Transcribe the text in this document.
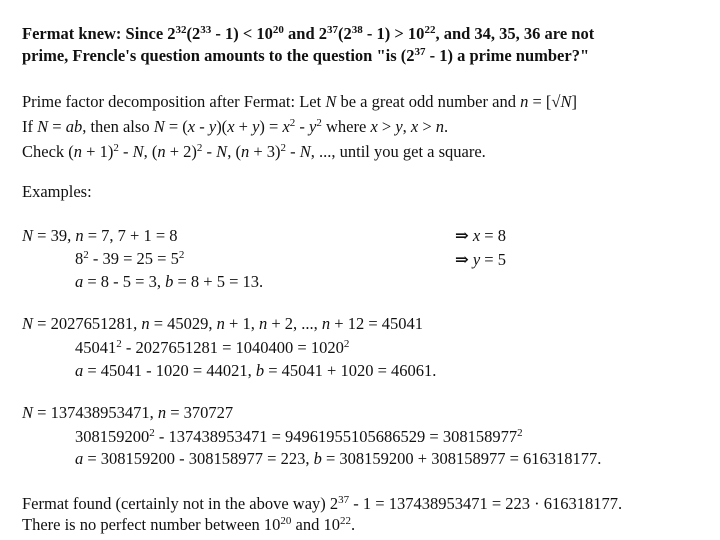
Fermat knew: Since $2^{32}(2^{33} - 1) < 10^{20}$ and $2^{37}(2^{38} - 1) > 10^{22}$, and 34, 35, 36 are not
prime, Frencle's question amounts to the question "is $(2^{37} - 1)$ a prime number?"
Prime factor decomposition after Fermat: Let N be a great odd number and n = [√N]
If N = ab, then also $N = (x - y)(x + y) = x^2 - y^2$ where x > y, x > n.
Check $(n + 1)^2 - N$, $(n + 2)^2 - N$, $(n + 3)^2 - N$, ..., until you get a square.
Examples:
N = 39, n = 7, 7 + 1 = 8
$8^2 - 39 = 25 = 5^2$
a = 8 - 5 = 3, b = 8 + 5 = 13.
⇒ x = 8
⇒ y = 5
N = 2027651281, n = 45029, n + 1, n + 2, ..., n + 12 = 45041
$45041^2 - 2027651281 = 1040400 = 1020^2$
a = 45041 - 1020 = 44021, b = 45041 + 1020 = 46061.
N = 137438953471, n = 370727
$308159200^2 - 137438953471 = 94961955105686529 = 308158977^2$
a = 308159200 - 308158977 = 223, b = 308159200 + 308158977 = 616318177.
Fermat found (certainly not in the above way) $2^{37} - 1 = 137438953471 = 223 \cdot 616318177$.
There is no perfect number between $10^{20}$ and $10^{22}$.
